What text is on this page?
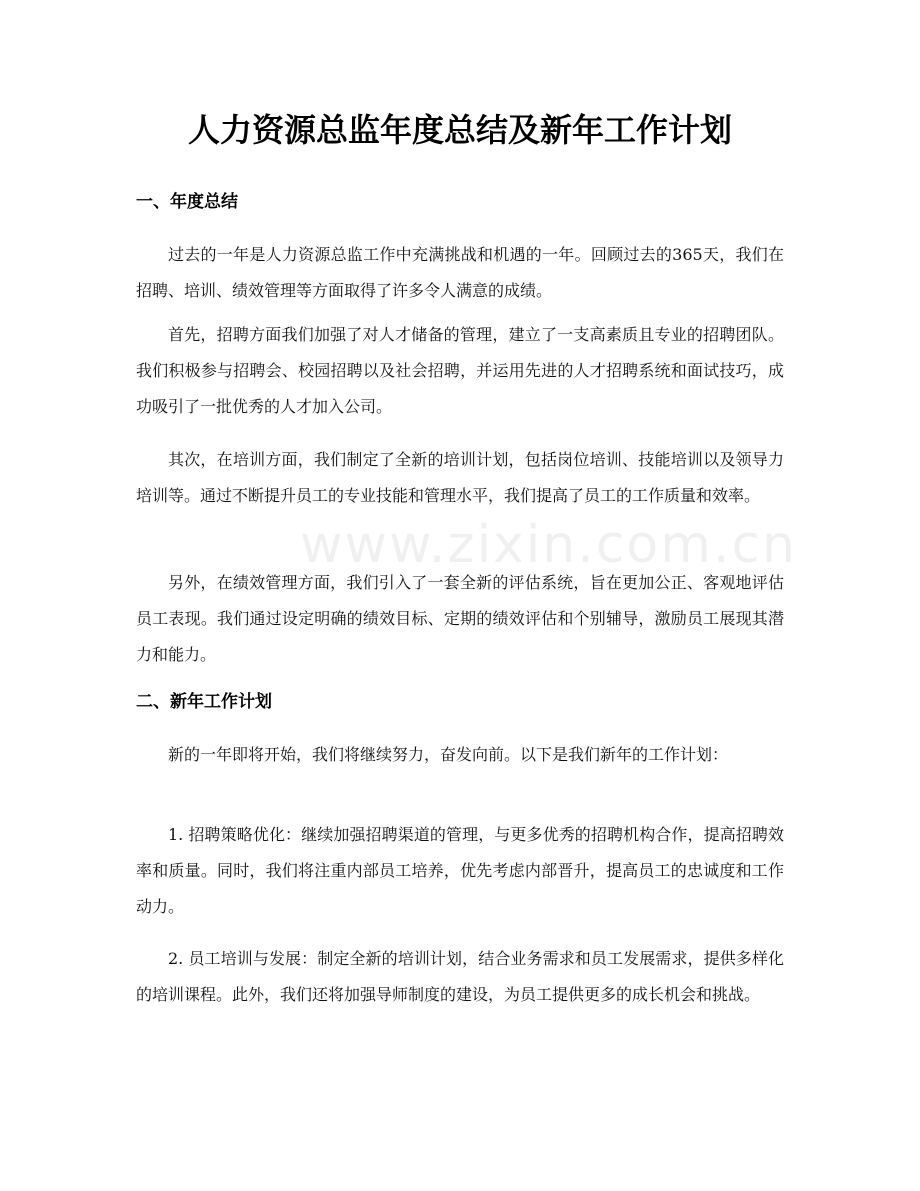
www.zixin.com.cn
人力资源总监年度总结及新年工作计划
一、年度总结

过去的一年是人力资源总监工作中充满挑战和机遇的一年。回顾过去的365天，我们在招聘、培训、绩效管理等方面取得了许多令人满意的成绩。

首先，招聘方面我们加强了对人才储备的管理，建立了一支高素质且专业的招聘团队。我们积极参与招聘会、校园招聘以及社会招聘，并运用先进的人才招聘系统和面试技巧，成功吸引了一批优秀的人才加入公司。

其次，在培训方面，我们制定了全新的培训计划，包括岗位培训、技能培训以及领导力培训等。通过不断提升员工的专业技能和管理水平，我们提高了员工的工作质量和效率。

另外，在绩效管理方面，我们引入了一套全新的评估系统，旨在更加公正、客观地评估员工表现。我们通过设定明确的绩效目标、定期的绩效评估和个别辅导，激励员工展现其潜力和能力。

二、新年工作计划

新的一年即将开始，我们将继续努力，奋发向前。以下是我们新年的工作计划：

1. 招聘策略优化：继续加强招聘渠道的管理，与更多优秀的招聘机构合作，提高招聘效率和质量。同时，我们将注重内部员工培养，优先考虑内部晋升，提高员工的忠诚度和工作动力。

2. 员工培训与发展：制定全新的培训计划，结合业务需求和员工发展需求，提供多样化的培训课程。此外，我们还将加强导师制度的建设，为员工提供更多的成长机会和挑战。
